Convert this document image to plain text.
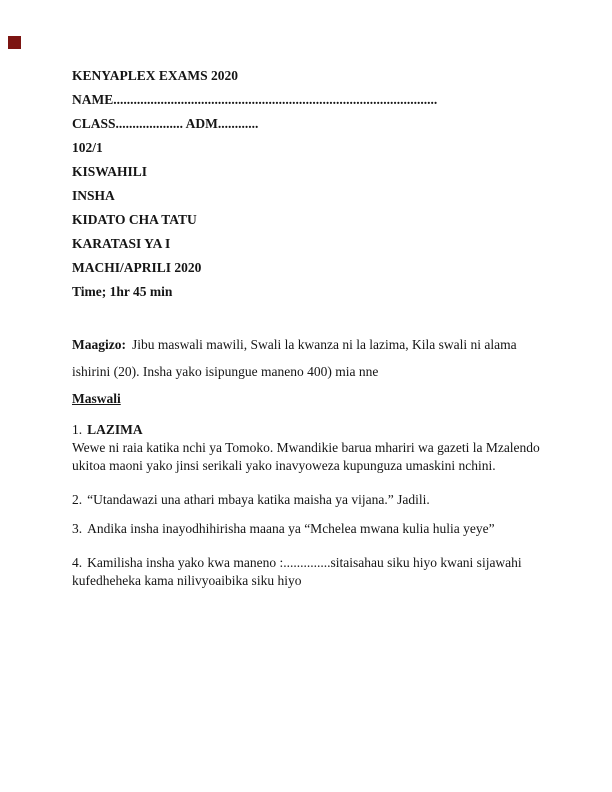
KENYAPLEX EXAMS 2020
NAME................................................................................................
CLASS.................... ADM............
102/1
KISWAHILI
INSHA
KIDATO CHA TATU
KARATASI YA I
MACHI/APRILI 2020
Time; 1hr 45 min
Maagizo: Jibu maswali mawili, Swali la kwanza ni la lazima, Kila swali ni alama
ishirini (20). Insha yako isipungue maneno 400) mia nne
Maswali
1. LAZIMA
Wewe ni raia katika nchi ya Tomoko. Mwandikie barua mhariri wa gazeti la Mzalendo ukitoa maoni yako jinsi serikali yako inavyoweza kupunguza umaskini nchini.
2. “Utandawazi una athari mbaya katika maisha ya vijana.” Jadili.
3. Andika insha inayodhihirisha maana ya “Mchelea mwana kulia hulia yeye”
4. Kamilisha insha yako kwa maneno :..............sitaisahau siku hiyo kwani sijawahi kufedheheka kama nilivyoaibika siku hiyo
